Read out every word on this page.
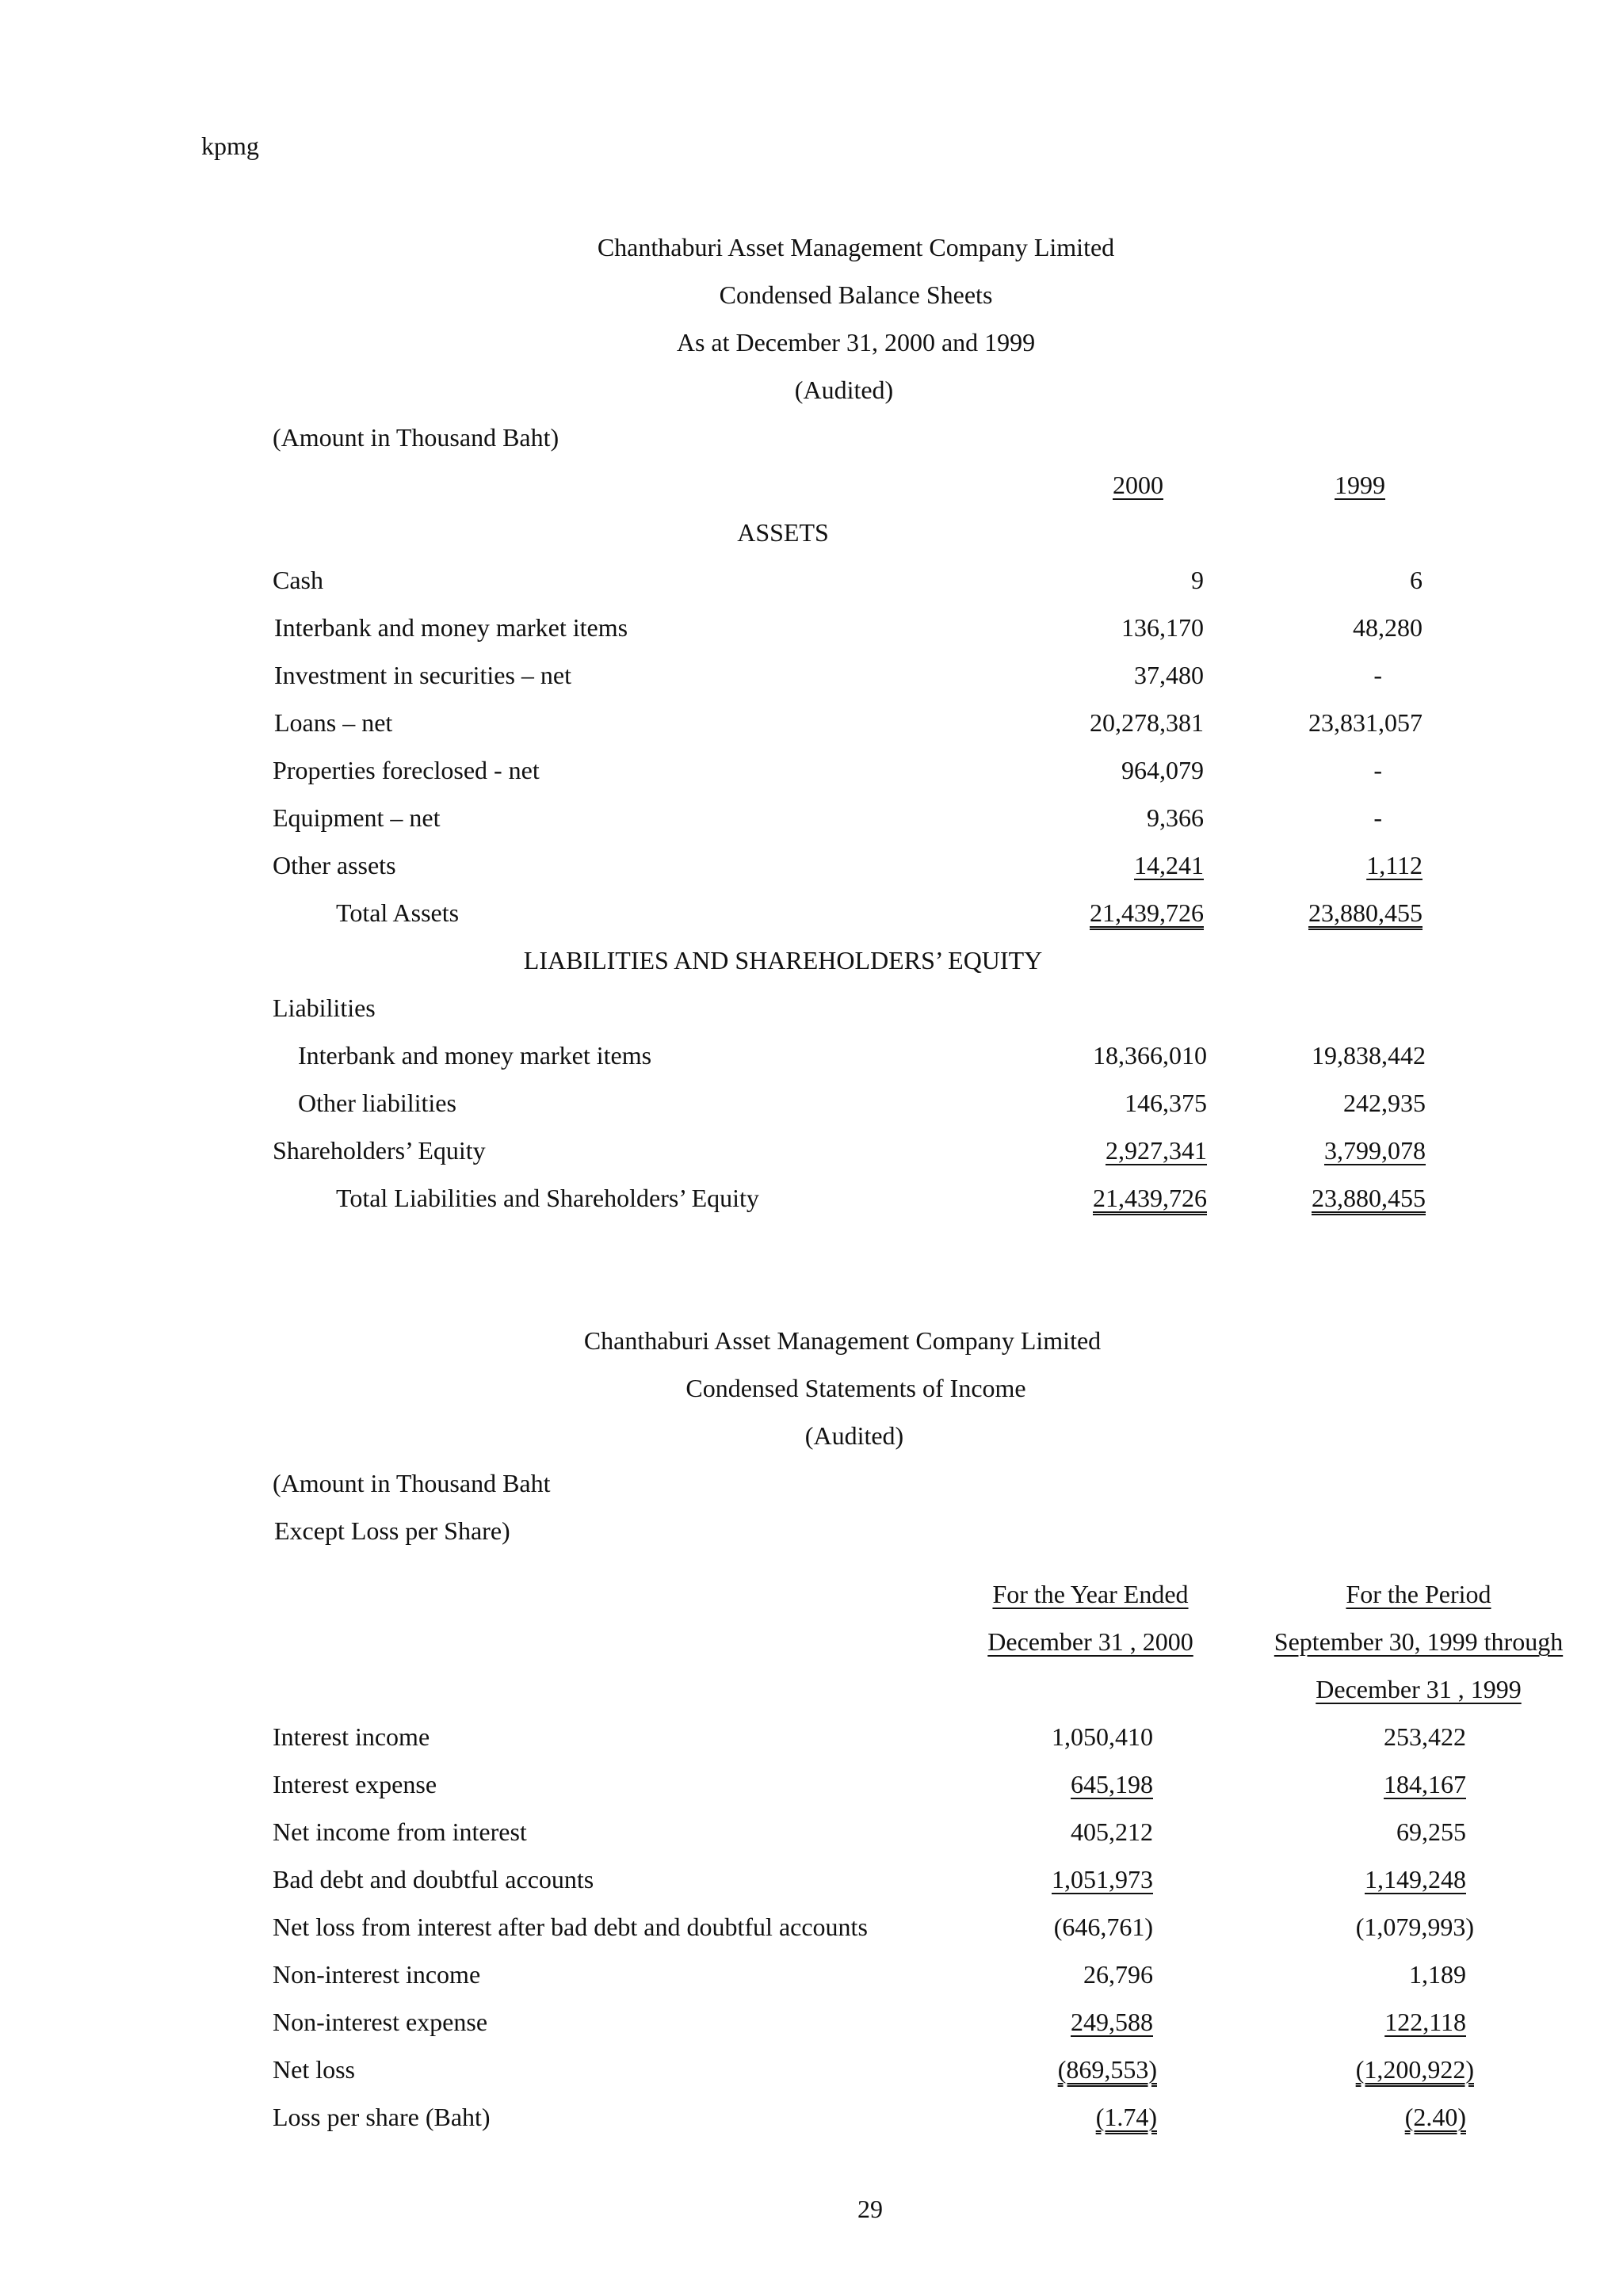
kpmg
Chanthaburi Asset Management Company Limited
Condensed Balance Sheets
As at December 31, 2000 and 1999
(Audited)
(Amount in Thousand Baht)
2000	1999
ASSETS
Cash	9	6
Interbank and money market items	136,170	48,280
Investment in securities – net	37,480	-
Loans – net	20,278,381	23,831,057
Properties foreclosed - net	964,079	-
Equipment – net	9,366	-
Other assets	14,241	1,112
Total Assets	21,439,726	23,880,455
LIABILITIES AND SHAREHOLDERS’ EQUITY
Liabilities
Interbank and money market items	18,366,010	19,838,442
Other liabilities	146,375	242,935
Shareholders’ Equity	2,927,341	3,799,078
Total Liabilities and Shareholders’ Equity	21,439,726	23,880,455
Chanthaburi Asset Management Company Limited
Condensed Statements of Income
(Audited)
(Amount in Thousand Baht
Except Loss per Share)
For the Year Ended
December 31 , 2000
For the Period
September 30, 1999 through
December 31 , 1999
Interest income	1,050,410	253,422
Interest expense	645,198	184,167
Net income from interest	405,212	69,255
Bad debt and doubtful accounts	1,051,973	1,149,248
Net loss from interest after bad debt and doubtful accounts	(646,761)	(1,079,993)
Non-interest income	26,796	1,189
Non-interest expense	249,588	122,118
Net loss	(869,553)	(1,200,922)
Loss per share (Baht)	(1.74)	(2.40)
29
